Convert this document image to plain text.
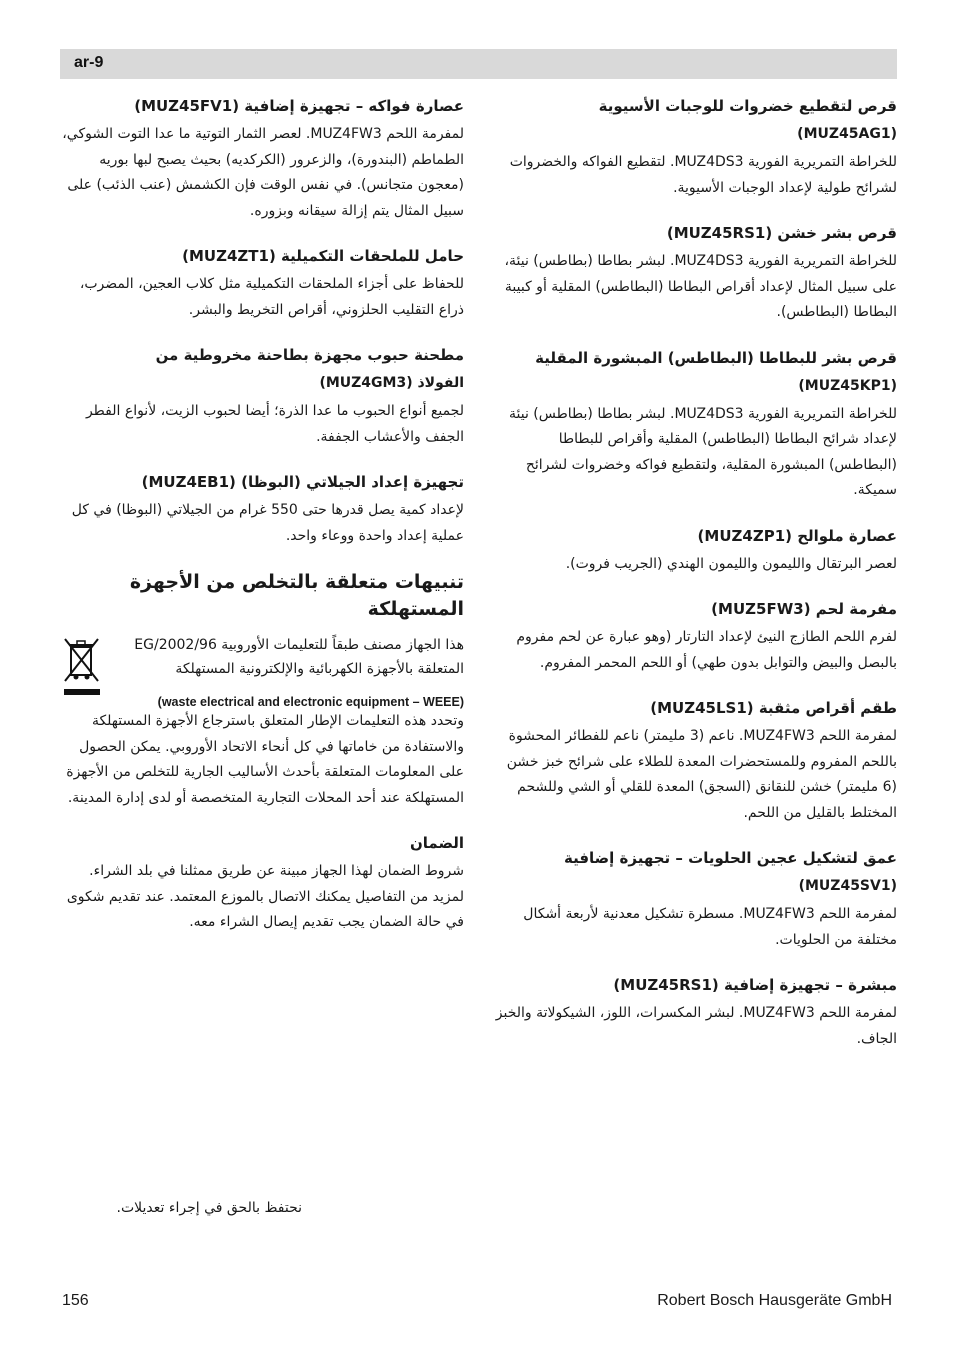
ar-9
قرص لتقطيع خضروات للوجبات الأسيوية
(MUZ45AG1)

للخراطة التمريرية الفورية MUZ4DS3. لتقطيع الفواكه والخضروات لشرائح طولية لإعداد الوجبات الأسيوية.

قرص بشر خشن (MUZ45RS1)

للخراطة التمريرية الفورية MUZ4DS3. لبشر بطاطا (بطاطس) نيئة، على سبيل المثال لإعداد أقراص البطاطا (البطاطس) المقلية أو كبيبة البطاطا (البطاطس).

قرص بشر للبطاطا (البطاطس) المبشورة المقلية
(MUZ45KP1)

للخراطة التمريرية الفورية MUZ4DS3. لبشر بطاطا (بطاطس) نيئة لإعداد شرائح البطاطا (البطاطس) المقلية وأقراص للبطاطا (البطاطس) المبشورة المقلية، ولتقطيع فواكه وخضروات لشرائح سميكة.

عصارة ملوالح (MUZ4ZP1)

لعصر البرتقال والليمون والليمون الهندي (الجريب فروت).

مفرمة لحم (MUZ5FW3)

لفرم اللحم الطازج النيئ لإعداد التارتار (وهو عبارة عن لحم مفروم بالبصل والبيض والتوابل بدون طهي) أو اللحم المحمر المفروم.

طقم أقراص مثقبة (MUZ45LS1)

لمفرمة اللحم MUZ4FW3. ناعم (3 مليمتر) ناعم للفطائر المحشوة باللحم المفروم وللمستحضرات المعدة للطلاء على شرائح خبز خشن (6 مليمتر) خشن للنقانق (السجق) المعدة للقلي أو الشي وللشحم المختلط بالقليل من اللحم.

عمق لتشكيل عجين الحلويات – تجهيزة إضافية
(MUZ45SV1)

لمفرمة اللحم MUZ4FW3. مسطرة تشكيل معدنية لأربعة أشكال مختلفة من الحلويات.

مبشرة – تجهيزة إضافية (MUZ45RS1)

لمفرمة اللحم MUZ4FW3. لبشر المكسرات، اللوز، الشيكولاتة والخبز الجاف.

عصارة فواكه – تجهيزة إضافية (MUZ45FV1)

لمفرمة اللحم MUZ4FW3. لعصر الثمار التوتية ما عدا التوت الشوكي، الطماطم (البندورة)، والزعرور (الكركديه) بحيث يصبح لبها بوريه (معجون متجانس). في نفس الوقت فإن الكشمش (عنب الذئب) على سبيل المثال يتم إزالة سيقانه وبزوره.

حامل للملحقات التكميلية (MUZ4ZT1)

للحفاظ على أجزاء الملحقات التكميلية مثل كلاب العجين، المضرب، ذراع التقليب الحلزوني، أقراص التخريط والبشر.

مطحنة حبوب مجهزة بطاحنة مخروطية من
الفولاذ (MUZ4GM3)

لجميع أنواع الحبوب ما عدا الذرة؛ أيضا لحبوب الزيت، لأنواع الفطر الجفف والأعشاب الجففة.

تجهيزة إعداد الجيلاتي (البوظا) (MUZ4EB1)

لإعداد كمية يصل قدرها حتى 550 غرام من الجيلاتي (البوظا) في كل عملية إعداد واحدة ووعاء واحد.

تنبيهات متعلقة بالتخلص من الأجهزة المستهلكة

هذا الجهاز مصنف طبقاً للتعليمات الأوروبية 2002/96/EG المتعلقة بالأجهزة الكهربائية والإلكترونية المستهلكة

(waste electrical and electronic equipment – WEEE)

وتحدد هذه التعليمات الإطار المتعلق باسترجاع الأجهزة المستهلكة والاستفادة من خاماتها في كل أنحاء الاتحاد الأوروبي. يمكن الحصول على المعلومات المتعلقة بأحدث الأساليب الجارية للتخلص من الأجهزة المستهلكة عند أحد المحلات التجارية المتخصصة أو لدى إدارة المدينة.

الضمان

شروط الضمان لهذا الجهاز مبينة عن طريق ممثلنا في بلد الشراء. لمزيد من التفاصيل يمكنك الاتصال بالموزع المعتمد. عند تقديم شكوى في حالة الضمان يجب تقديم إيصال الشراء معه.

نحتفظ بالحق في إجراء تعديلات.
156	Robert Bosch Hausgeräte GmbH
